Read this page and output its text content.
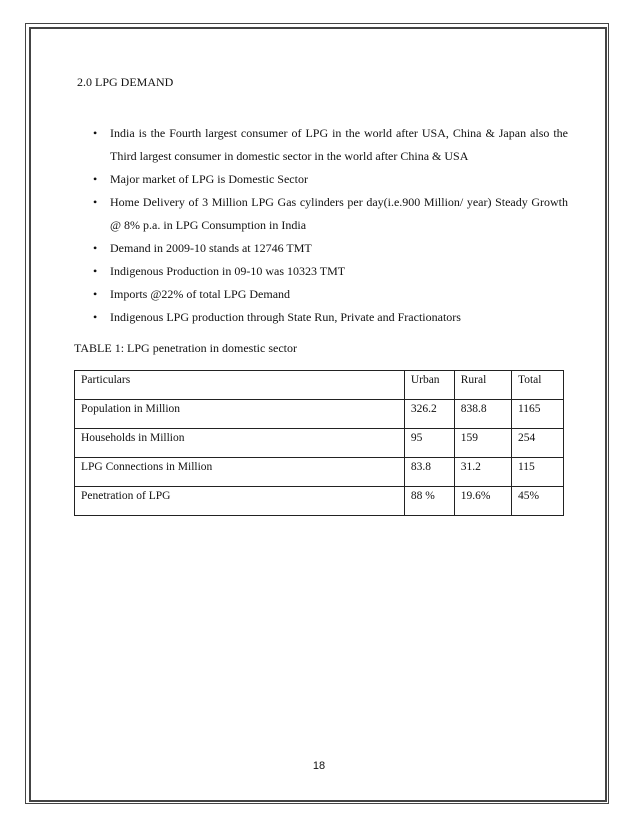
2.0 LPG DEMAND
• India is the Fourth largest consumer of LPG in the world after USA, China & Japan also the Third largest consumer in domestic sector in the world after China & USA
• Major market of LPG is Domestic Sector
• Home Delivery of 3 Million LPG Gas cylinders per day(i.e.900 Million/ year) Steady Growth @ 8% p.a. in LPG Consumption in India
• Demand in 2009-10 stands at 12746 TMT
• Indigenous Production in 09-10 was 10323 TMT
• Imports @22% of total LPG Demand
• Indigenous LPG production through State Run, Private and Fractionators
TABLE 1: LPG penetration in domestic sector
Particulars	Urban	Rural	Total
Population in Million	326.2	838.8	1165
Households in Million	95	159	254
LPG Connections in Million	83.8	31.2	115
Penetration of LPG	88 %	19.6%	45%
18
